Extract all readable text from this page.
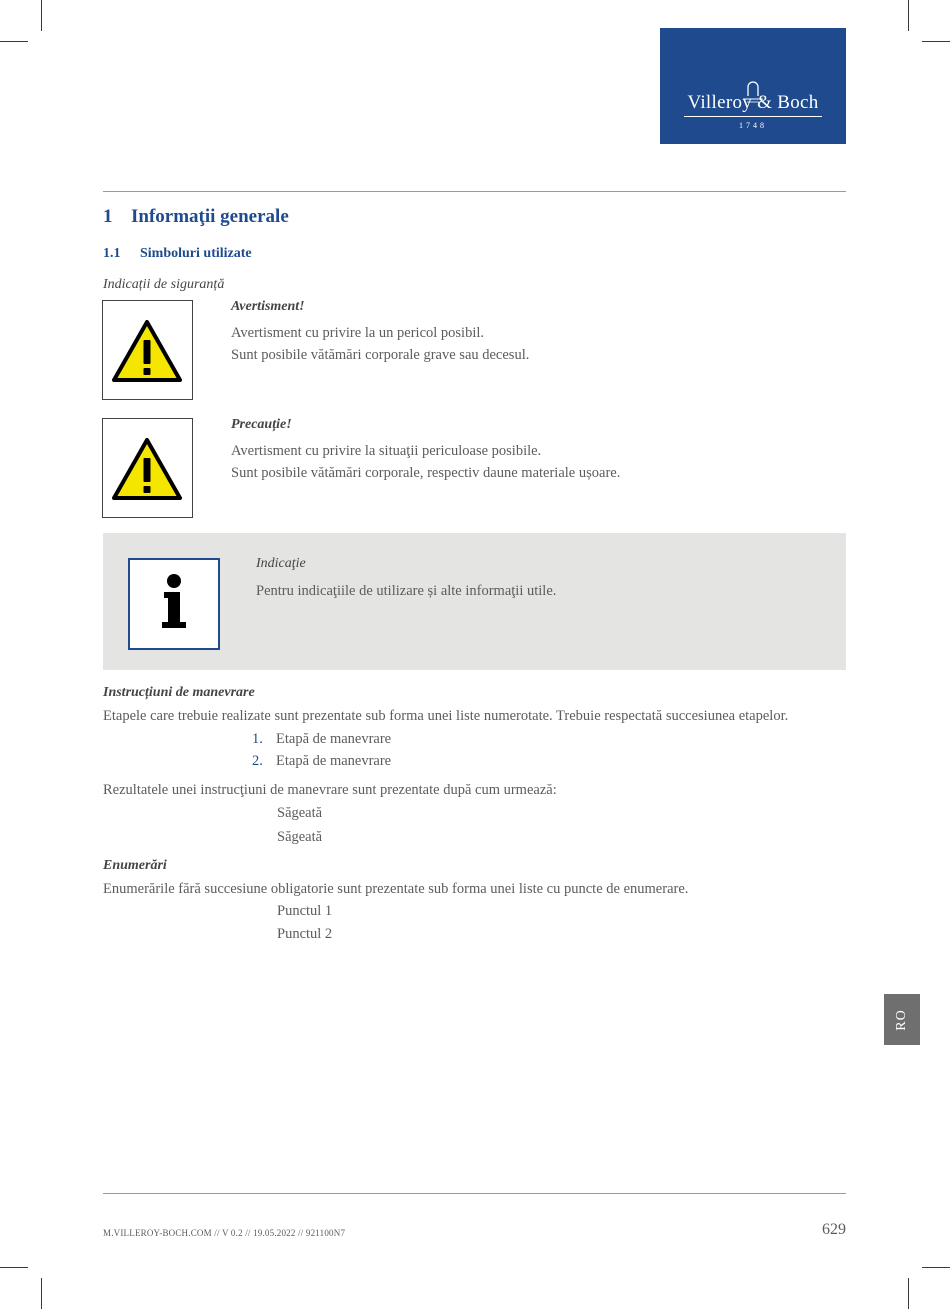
Villeroy & Boch
1748
1 Informaţii generale
1.1 Simboluri utilizate
Indicații de siguranță
Avertisment!
Avertisment cu privire la un pericol posibil.
Sunt posibile vătămări corporale grave sau decesul.
Precauție!
Avertisment cu privire la situaţii periculoase posibile.
Sunt posibile vătămări corporale, respectiv daune materiale ușoare.
Indicaţie
Pentru indicaţiile de utilizare și alte informaţii utile.
Instrucțiuni de manevrare
Etapele care trebuie realizate sunt prezentate sub forma unei liste numerotate. Trebuie respectată succesiunea etapelor.
1. Etapă de manevrare
2. Etapă de manevrare
Rezultatele unei instrucţiuni de manevrare sunt prezentate după cum urmează:
Săgeată
Săgeată
Enumerări
Enumerările fără succesiune obligatorie sunt prezentate sub forma unei liste cu puncte de enumerare.
Punctul 1
Punctul 2
RO
M.VILLEROY-BOCH.COM // V 0.2 // 19.05.2022 // 921100N7	629
